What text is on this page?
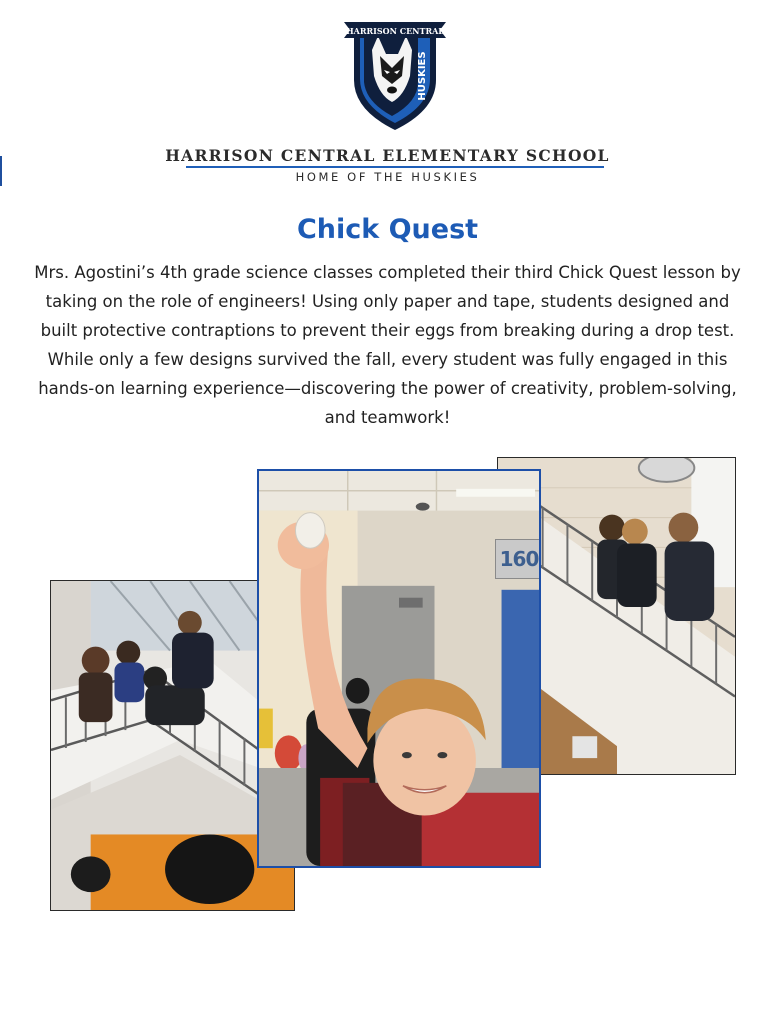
HARRISON CENTRAL
HUSKIES
HARRISON CENTRAL ELEMENTARY SCHOOL
HOME OF THE HUSKIES
Chick Quest
Mrs. Agostini’s 4th grade science classes completed their third Chick Quest lesson by taking on the role of engineers! Using only paper and tape, students designed and built protective contraptions to prevent their eggs from breaking during a drop test. While only a few designs survived the fall, every student was fully engaged in this hands-on learning experience—discovering the power of creativity, problem-solving, and teamwork!
160
